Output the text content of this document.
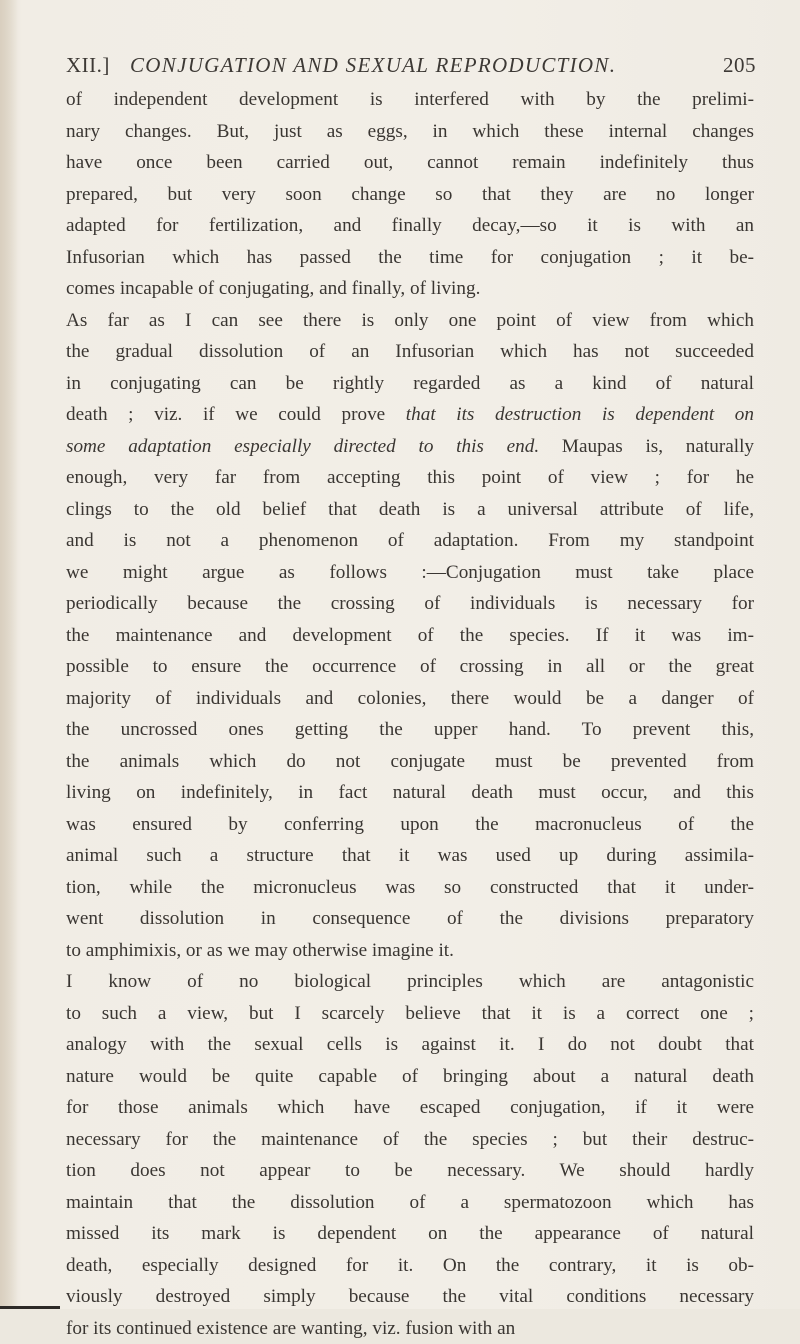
XII.] CONJUGATION AND SEXUAL REPRODUCTION.	205
of independent development is interfered with by the prelimi-
nary changes. But, just as eggs, in which these internal changes
have once been carried out, cannot remain indefinitely thus
prepared, but very soon change so that they are no longer
adapted for fertilization, and finally decay,—so it is with an
Infusorian which has passed the time for conjugation ; it be-
comes incapable of conjugating, and finally, of living.
As far as I can see there is only one point of view from which
the gradual dissolution of an Infusorian which has not succeeded
in conjugating can be rightly regarded as a kind of natural
death ; viz. if we could prove that its destruction is dependent on
some adaptation especially directed to this end. Maupas is, naturally
enough, very far from accepting this point of view ; for he
clings to the old belief that death is a universal attribute of life,
and is not a phenomenon of adaptation. From my standpoint
we might argue as follows :—Conjugation must take place
periodically because the crossing of individuals is necessary for
the maintenance and development of the species. If it was im-
possible to ensure the occurrence of crossing in all or the great
majority of individuals and colonies, there would be a danger of
the uncrossed ones getting the upper hand. To prevent this,
the animals which do not conjugate must be prevented from
living on indefinitely, in fact natural death must occur, and this
was ensured by conferring upon the macronucleus of the
animal such a structure that it was used up during assimila-
tion, while the micronucleus was so constructed that it under-
went dissolution in consequence of the divisions preparatory
to amphimixis, or as we may otherwise imagine it.
I know of no biological principles which are antagonistic
to such a view, but I scarcely believe that it is a correct one ;
analogy with the sexual cells is against it. I do not doubt that
nature would be quite capable of bringing about a natural death
for those animals which have escaped conjugation, if it were
necessary for the maintenance of the species ; but their destruc-
tion does not appear to be necessary. We should hardly
maintain that the dissolution of a spermatozoon which has
missed its mark is dependent on the appearance of natural
death, especially designed for it. On the contrary, it is ob-
viously destroyed simply because the vital conditions necessary
for its continued existence are wanting, viz. fusion with an
